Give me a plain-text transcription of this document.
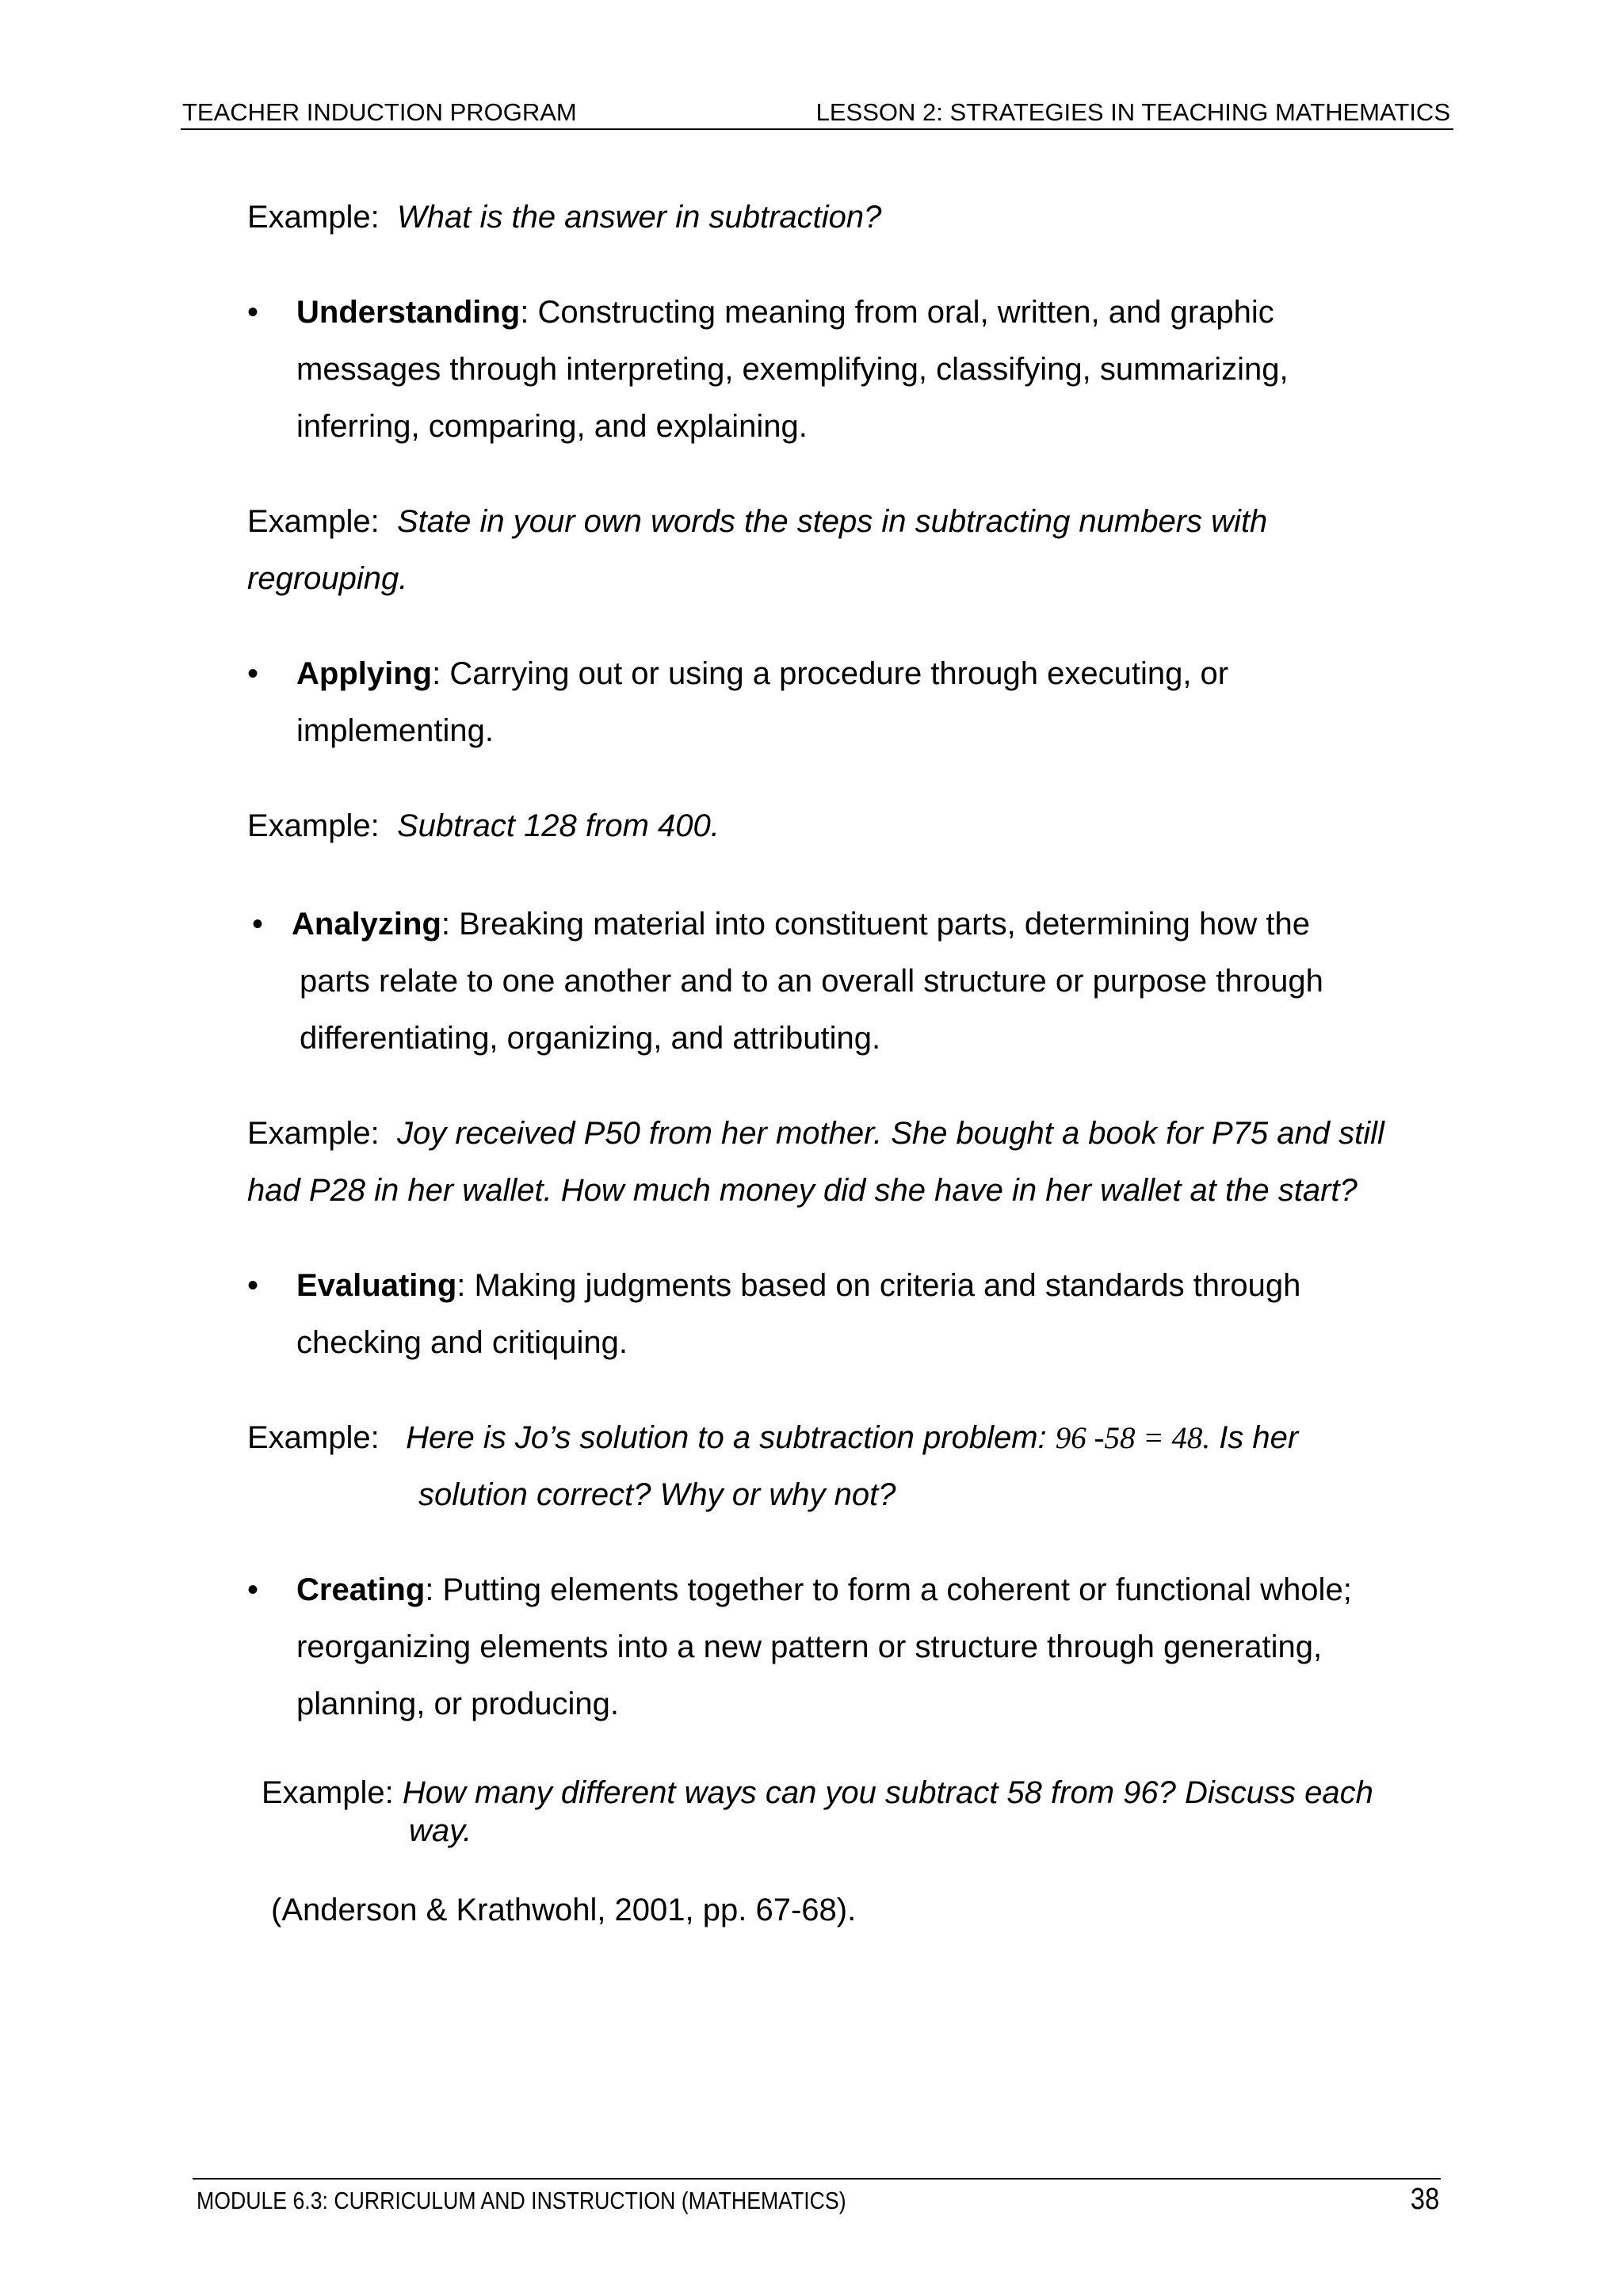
TEACHER INDUCTION PROGRAM	LESSON 2: STRATEGIES IN TEACHING MATHEMATICS
Example: What is the answer in subtraction?
• Understanding: Constructing meaning from oral, written, and graphic
messages through interpreting, exemplifying, classifying, summarizing,
inferring, comparing, and explaining.
Example: State in your own words the steps in subtracting numbers with
regrouping.
• Applying: Carrying out or using a procedure through executing, or
implementing.
Example: Subtract 128 from 400.
• Analyzing: Breaking material into constituent parts, determining how the
parts relate to one another and to an overall structure or purpose through
differentiating, organizing, and attributing.
Example: Joy received P50 from her mother. She bought a book for P75 and still
had P28 in her wallet. How much money did she have in her wallet at the start?
• Evaluating: Making judgments based on criteria and standards through
checking and critiquing.
Example: Here is Jo’s solution to a subtraction problem: 96 -58 = 48. Is her
solution correct? Why or why not?
• Creating: Putting elements together to form a coherent or functional whole;
reorganizing elements into a new pattern or structure through generating,
planning, or producing.
Example: How many different ways can you subtract 58 from 96? Discuss each
way.
(Anderson & Krathwohl, 2001, pp. 67-68).
MODULE 6.3: CURRICULUM AND INSTRUCTION (MATHEMATICS)	38
